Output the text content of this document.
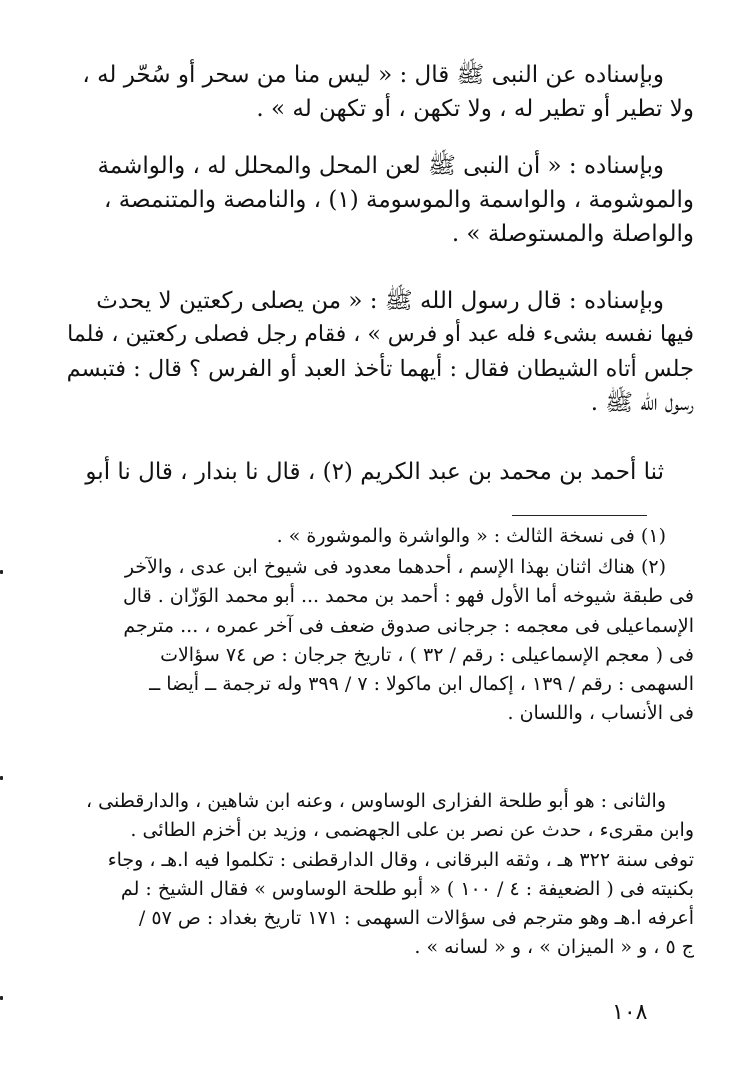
وبإسناده عن النبى ﷺ قال : « ليس منا من سحر أو سُحّر له ،
ولا تطير أو تطير له ، ولا تكهن ، أو تكهن له » .
وبإسناده : « أن النبى ﷺ لعن المحل والمحلل له ، والواشمة
والموشومة ، والواسمة والموسومة (١) ، والنامصة والمتنمصة ،
والواصلة والمستوصلة » .
وبإسناده : قال رسول الله ﷺ : « من يصلى ركعتين لا يحدث
فيها نفسه بشىء فله عبد أو فرس » ، فقام رجل فصلى ركعتين ، فلما
جلس أتاه الشيطان فقال : أيهما تأخذ العبد أو الفرس ؟ قال : فتبسم
رسول الله ﷺ .
ثنا أحمد بن محمد بن عبد الكريم (٢) ، قال نا بندار ، قال نا أبو
(١) فى نسخة الثالث : « والواشرة والموشورة » .
(٢) هناك اثنان بهذا الإسم ، أحدهما معدود فى شيوخ ابن عدى ، والآخر
فى طبقة شيوخه أما الأول فهو : أحمد بن محمد ... أبو محمد الوَزّان . قال
الإسماعيلى فى معجمه : جرجانى صدوق ضعف فى آخر عمره ، ... مترجم
فى ( معجم الإسماعيلى : رقم / ٣٢ ) ، تاريخ جرجان : ص ٧٤ سؤالات
السهمى : رقم / ١٣٩ ، إكمال ابن ماكولا : ٧ / ٣٩٩ وله ترجمة ــ أيضا ــ
فى الأنساب ، واللسان .
والثانى : هو أبو طلحة الفزارى الوساوس ، وعنه ابن شاهين ، والدارقطنى ،
وابن مقرىء ، حدث عن نصر بن على الجهضمى ، وزيد بن أخزم الطائى .
توفى سنة ٣٢٢ هـ ، وثقه البرقانى ، وقال الدارقطنى : تكلموا فيه ا.هـ ، وجاء
بكنيته فى ( الضعيفة : ٤ / ١٠٠ ) « أبو طلحة الوساوس » فقال الشيخ : لم
أعرفه ا.هـ وهو مترجم فى سؤالات السهمى : ١٧١ تاريخ بغداد : ص ٥٧ /
ج ٥ ، و « الميزان » ، و « لسانه » .
١٠٨
